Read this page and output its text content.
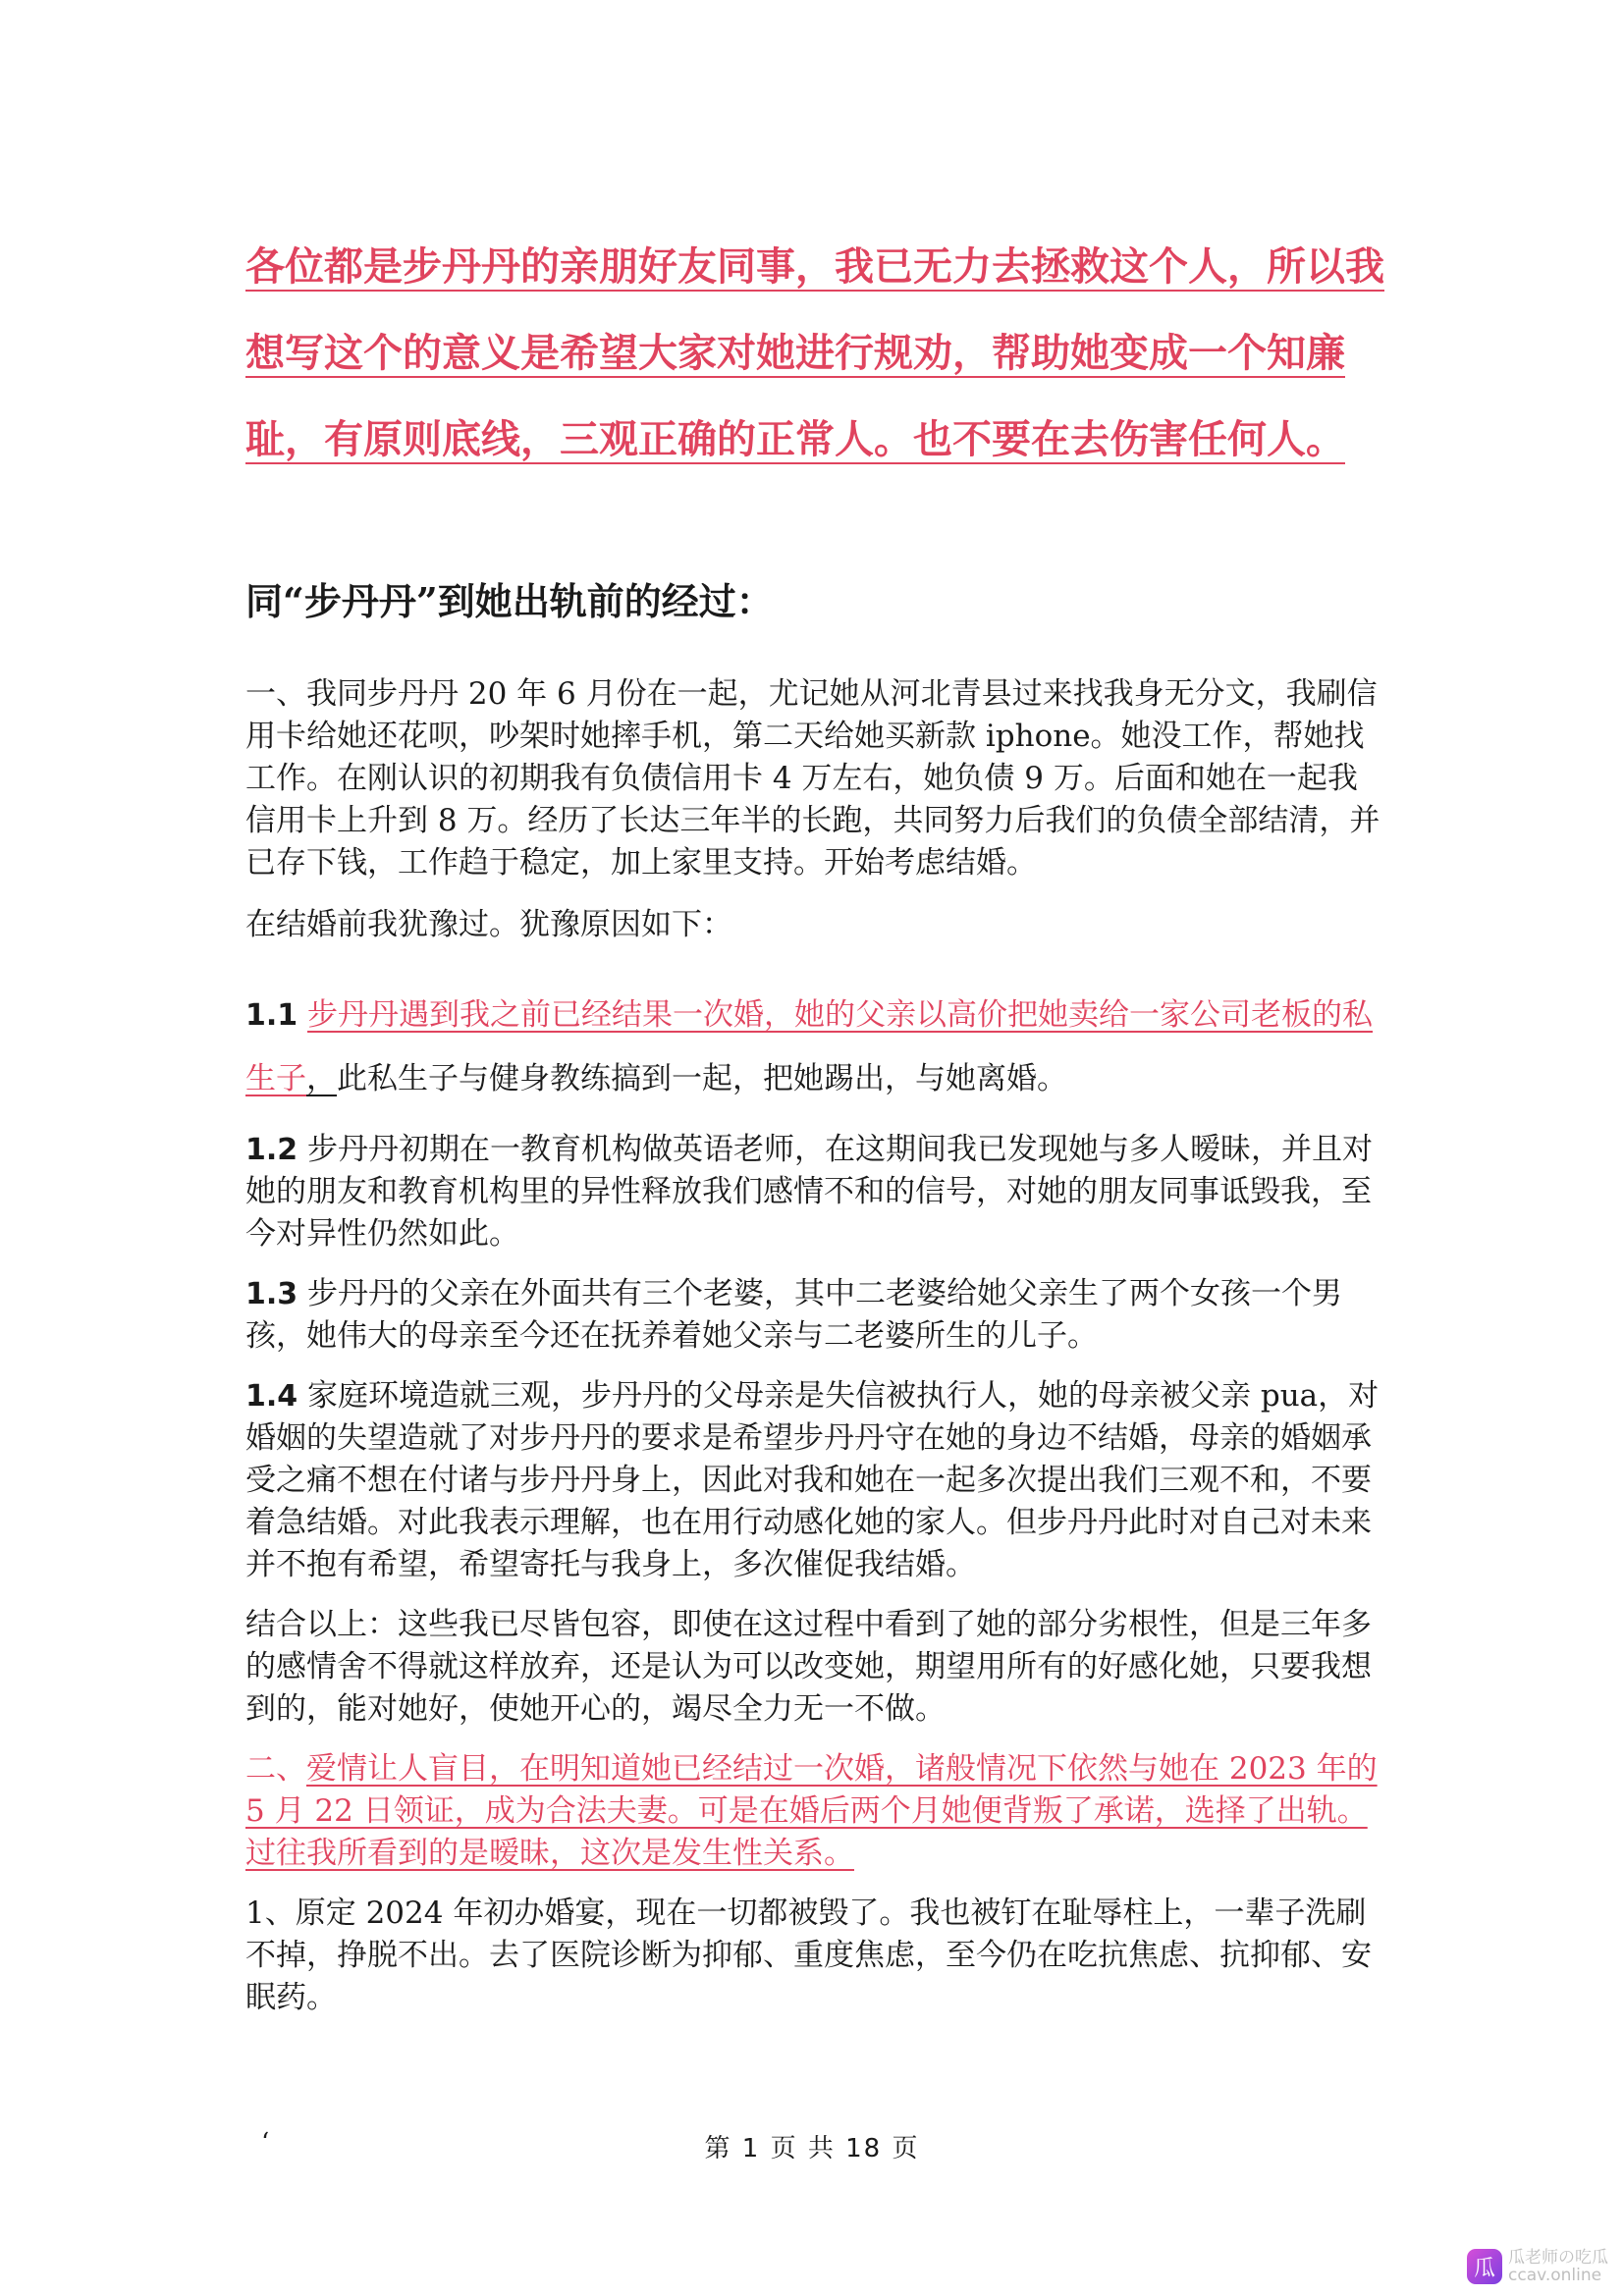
各位都是步丹丹的亲朋好友同事，我已无力去拯救这个人，所以我想写这个的意义是希望大家对她进行规劝，帮助她变成一个知廉耻，有原则底线，三观正确的正常人。也不要在去伤害任何人。

同“步丹丹”到她出轨前的经过：
一、我同步丹丹 20 年 6 月份在一起，尤记她从河北青县过来找我身无分文，我刷信用卡给她还花呗，吵架时她摔手机，第二天给她买新款 iphone。她没工作，帮她找工作。在刚认识的初期我有负债信用卡 4 万左右，她负债 9 万。后面和她在一起我信用卡上升到 8 万。经历了长达三年半的长跑，共同努力后我们的负债全部结清，并已存下钱，工作趋于稳定，加上家里支持。开始考虑结婚。
在结婚前我犹豫过。犹豫原因如下：
1.1 步丹丹遇到我之前已经结果一次婚，她的父亲以高价把她卖给一家公司老板的私生子，此私生子与健身教练搞到一起，把她踢出，与她离婚。
1.2 步丹丹初期在一教育机构做英语老师，在这期间我已发现她与多人暧昧，并且对她的朋友和教育机构里的异性释放我们感情不和的信号，对她的朋友同事诋毁我，至今对异性仍然如此。
1.3 步丹丹的父亲在外面共有三个老婆，其中二老婆给她父亲生了两个女孩一个男孩，她伟大的母亲至今还在抚养着她父亲与二老婆所生的儿子。
1.4 家庭环境造就三观，步丹丹的父母亲是失信被执行人，她的母亲被父亲 pua，对婚姻的失望造就了对步丹丹的要求是希望步丹丹守在她的身边不结婚，母亲的婚姻承受之痛不想在付诸与步丹丹身上，因此对我和她在一起多次提出我们三观不和，不要着急结婚。对此我表示理解，也在用行动感化她的家人。但步丹丹此时对自己对未来并不抱有希望，希望寄托与我身上，多次催促我结婚。
结合以上：这些我已尽皆包容，即使在这过程中看到了她的部分劣根性，但是三年多的感情舍不得就这样放弃，还是认为可以改变她，期望用所有的好感化她，只要我想到的，能对她好，使她开心的，竭尽全力无一不做。
二、爱情让人盲目，在明知道她已经结过一次婚，诸般情况下依然与她在 2023 年的 5 月 22 日领证，成为合法夫妻。可是在婚后两个月她便背叛了承诺，选择了出轨。过往我所看到的是暧昧，这次是发生性关系。
1、原定 2024 年初办婚宴，现在一切都被毁了。我也被钉在耻辱柱上，一辈子洗刷不掉，挣脱不出。去了医院诊断为抑郁、重度焦虑，至今仍在吃抗焦虑、抗抑郁、安眠药。
‘	第 1 页 共 18 页
瓜 瓜老师の吃瓜
ccav.online
